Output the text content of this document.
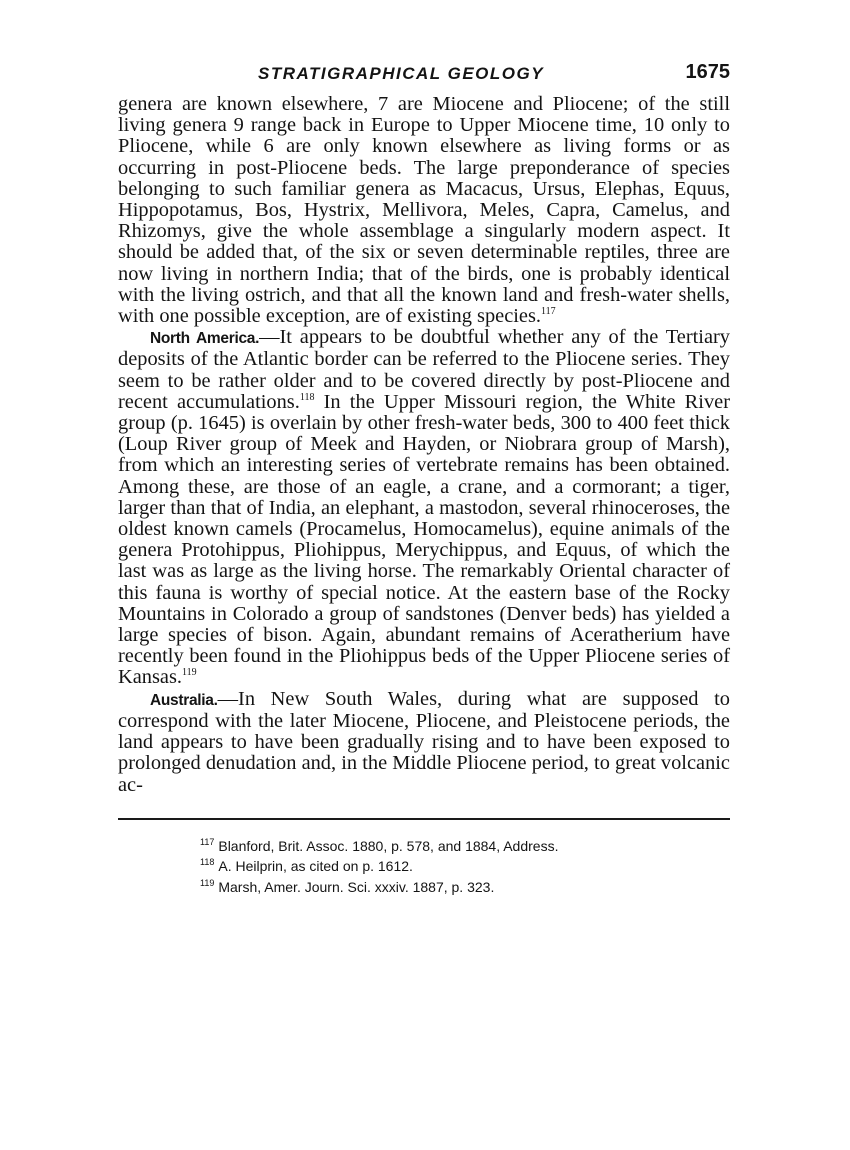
STRATIGRAPHICAL GEOLOGY	1675

genera are known elsewhere, 7 are Miocene and Pliocene; of the still living genera 9 range back in Europe to Upper Miocene time, 10 only to Pliocene, while 6 are only known elsewhere as living forms or as occurring in post-Pliocene beds. The large preponderance of species belonging to such familiar genera as Macacus, Ursus, Elephas, Equus, Hippopotamus, Bos, Hystrix, Mellivora, Meles, Capra, Camelus, and Rhizomys, give the whole assemblage a singularly modern aspect. It should be added that, of the six or seven determinable reptiles, three are now living in northern India; that of the birds, one is probably identical with the living ostrich, and that all the known land and fresh-water shells, with one possible exception, are of existing species.$^{117}$

North America.—It appears to be doubtful whether any of the Tertiary deposits of the Atlantic border can be referred to the Pliocene series. They seem to be rather older and to be covered directly by post-Pliocene and recent accumulations.$^{118}$ In the Upper Missouri region, the White River group (p. 1645) is overlain by other fresh-water beds, 300 to 400 feet thick (Loup River group of Meek and Hayden, or Niobrara group of Marsh), from which an interesting series of vertebrate remains has been obtained. Among these, are those of an eagle, a crane, and a cormorant; a tiger, larger than that of India, an elephant, a mastodon, several rhinoceroses, the oldest known camels (Procamelus, Homocamelus), equine animals of the genera Protohippus, Pliohippus, Merychippus, and Equus, of which the last was as large as the living horse. The remarkably Oriental character of this fauna is worthy of special notice. At the eastern base of the Rocky Mountains in Colorado a group of sandstones (Denver beds) has yielded a large species of bison. Again, abundant remains of Aceratherium have recently been found in the Pliohippus beds of the Upper Pliocene series of Kansas.$^{119}$

Australia.—In New South Wales, during what are supposed to correspond with the later Miocene, Pliocene, and Pleistocene periods, the land appears to have been gradually rising and to have been exposed to prolonged denudation and, in the Middle Pliocene period, to great volcanic ac-

$^{117}$ Blanford, Brit. Assoc. 1880, p. 578, and 1884, Address.
$^{118}$ A. Heilprin, as cited on p. 1612.
$^{119}$ Marsh, Amer. Journ. Sci. xxxiv. 1887, p. 323.
